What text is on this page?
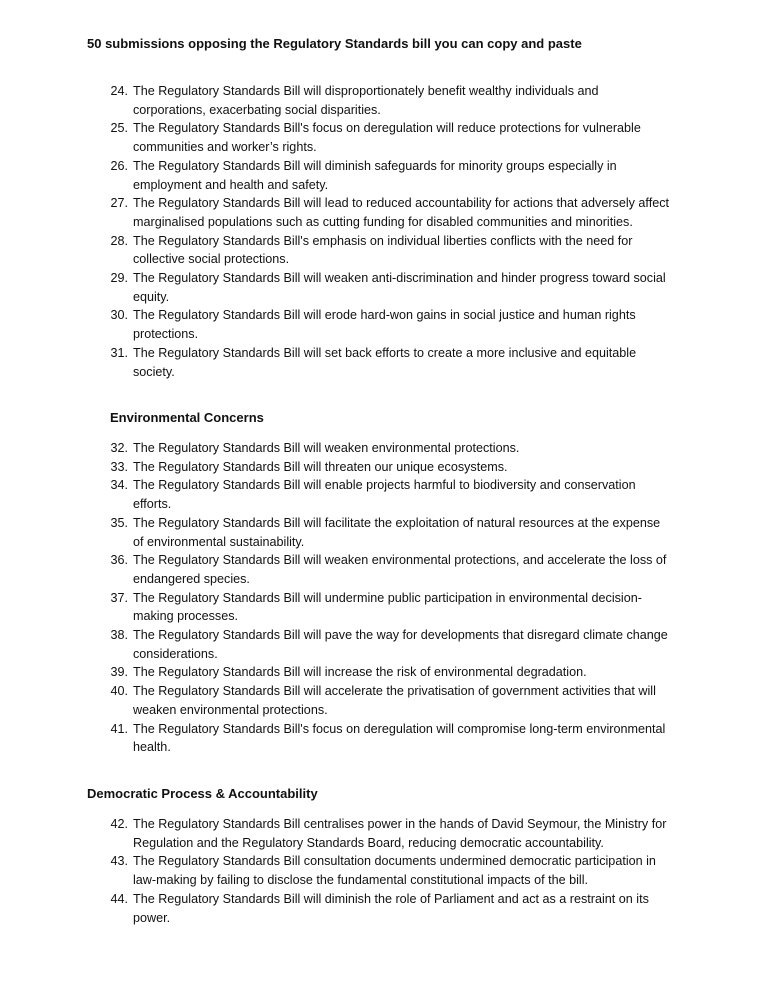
50 submissions opposing the Regulatory Standards bill you can copy and paste
24. The Regulatory Standards Bill will disproportionately benefit wealthy individuals and corporations, exacerbating social disparities.
25. The Regulatory Standards Bill's focus on deregulation will reduce protections for vulnerable communities and worker’s rights.
26. The Regulatory Standards Bill will diminish safeguards for minority groups especially in employment and health and safety.
27. The Regulatory Standards Bill will lead to reduced accountability for actions that adversely affect marginalised populations such as cutting funding for disabled communities and minorities.
28. The Regulatory Standards Bill's emphasis on individual liberties conflicts with the need for collective social protections.
29. The Regulatory Standards Bill will weaken anti-discrimination and hinder progress toward social equity.
30. The Regulatory Standards Bill will erode hard-won gains in social justice and human rights protections.
31. The Regulatory Standards Bill will set back efforts to create a more inclusive and equitable society.
Environmental Concerns
32. The Regulatory Standards Bill will weaken environmental protections.
33. The Regulatory Standards Bill will threaten our unique ecosystems.
34. The Regulatory Standards Bill will enable projects harmful to biodiversity and conservation efforts.
35. The Regulatory Standards Bill will facilitate the exploitation of natural resources at the expense of environmental sustainability.
36. The Regulatory Standards Bill will weaken environmental protections, and accelerate the loss of endangered species.
37. The Regulatory Standards Bill will undermine public participation in environmental decision-making processes.
38. The Regulatory Standards Bill will pave the way for developments that disregard climate change considerations.
39. The Regulatory Standards Bill will increase the risk of environmental degradation.
40. The Regulatory Standards Bill will accelerate the privatisation of government activities that will weaken environmental protections.
41. The Regulatory Standards Bill's focus on deregulation will compromise long-term environmental health.
Democratic Process & Accountability
42. The Regulatory Standards Bill centralises power in the hands of David Seymour, the Ministry for Regulation and the Regulatory Standards Board, reducing democratic accountability.
43. The Regulatory Standards Bill consultation documents undermined democratic participation in law-making by failing to disclose the fundamental constitutional impacts of the bill.
44. The Regulatory Standards Bill will diminish the role of Parliament and act as a restraint on its power.
